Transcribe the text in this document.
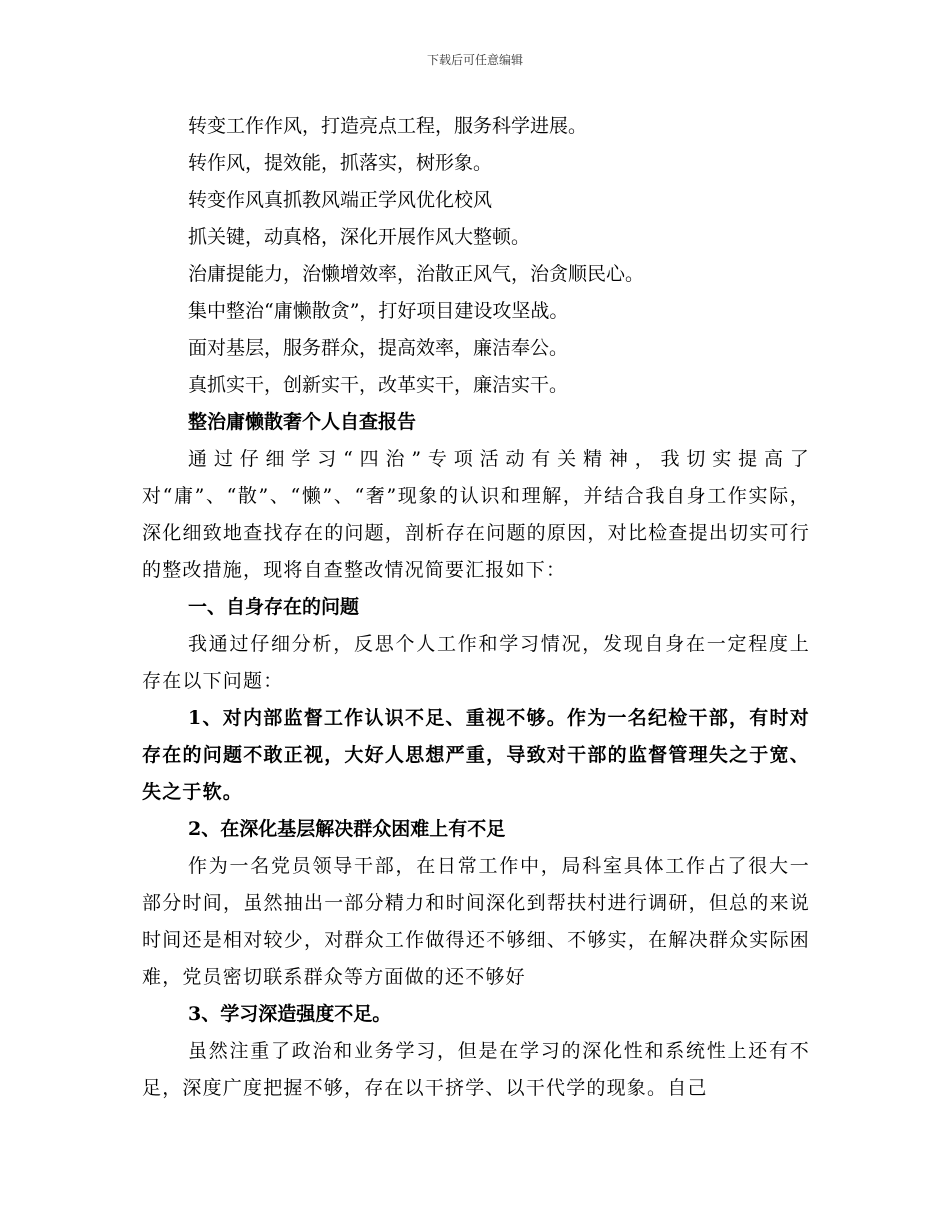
下载后可任意编辑
转变工作作风，打造亮点工程，服务科学进展。
转作风，提效能，抓落实，树形象。
转变作风真抓教风端正学风优化校风
抓关键，动真格，深化开展作风大整顿。
治庸提能力，治懒增效率，治散正风气，治贪顺民心。
集中整治“庸懒散贪”，打好项目建设攻坚战。
面对基层，服务群众，提高效率，廉洁奉公。
真抓实干，创新实干，改革实干，廉洁实干。
整治庸懒散奢个人自查报告

通过仔细学习“四治”专项活动有关精神，我切实提高了对“庸”、“散”、“懒”、“奢”现象的认识和理解，并结合我自身工作实际，深化细致地查找存在的问题，剖析存在问题的原因，对比检查提出切实可行的整改措施，现将自查整改情况简要汇报如下：

一、自身存在的问题

我通过仔细分析，反思个人工作和学习情况，发现自身在一定程度上存在以下问题：

1、对内部监督工作认识不足、重视不够。作为一名纪检干部，有时对存在的问题不敢正视，大好人思想严重，导致对干部的监督管理失之于宽、失之于软。

2、在深化基层解决群众困难上有不足

作为一名党员领导干部，在日常工作中，局科室具体工作占了很大一部分时间，虽然抽出一部分精力和时间深化到帮扶村进行调研，但总的来说时间还是相对较少，对群众工作做得还不够细、不够实，在解决群众实际困难，党员密切联系群众等方面做的还不够好

3、学习深造强度不足。

虽然注重了政治和业务学习，但是在学习的深化性和系统性上还有不足，深度广度把握不够，存在以干挤学、以干代学的现象。自己
